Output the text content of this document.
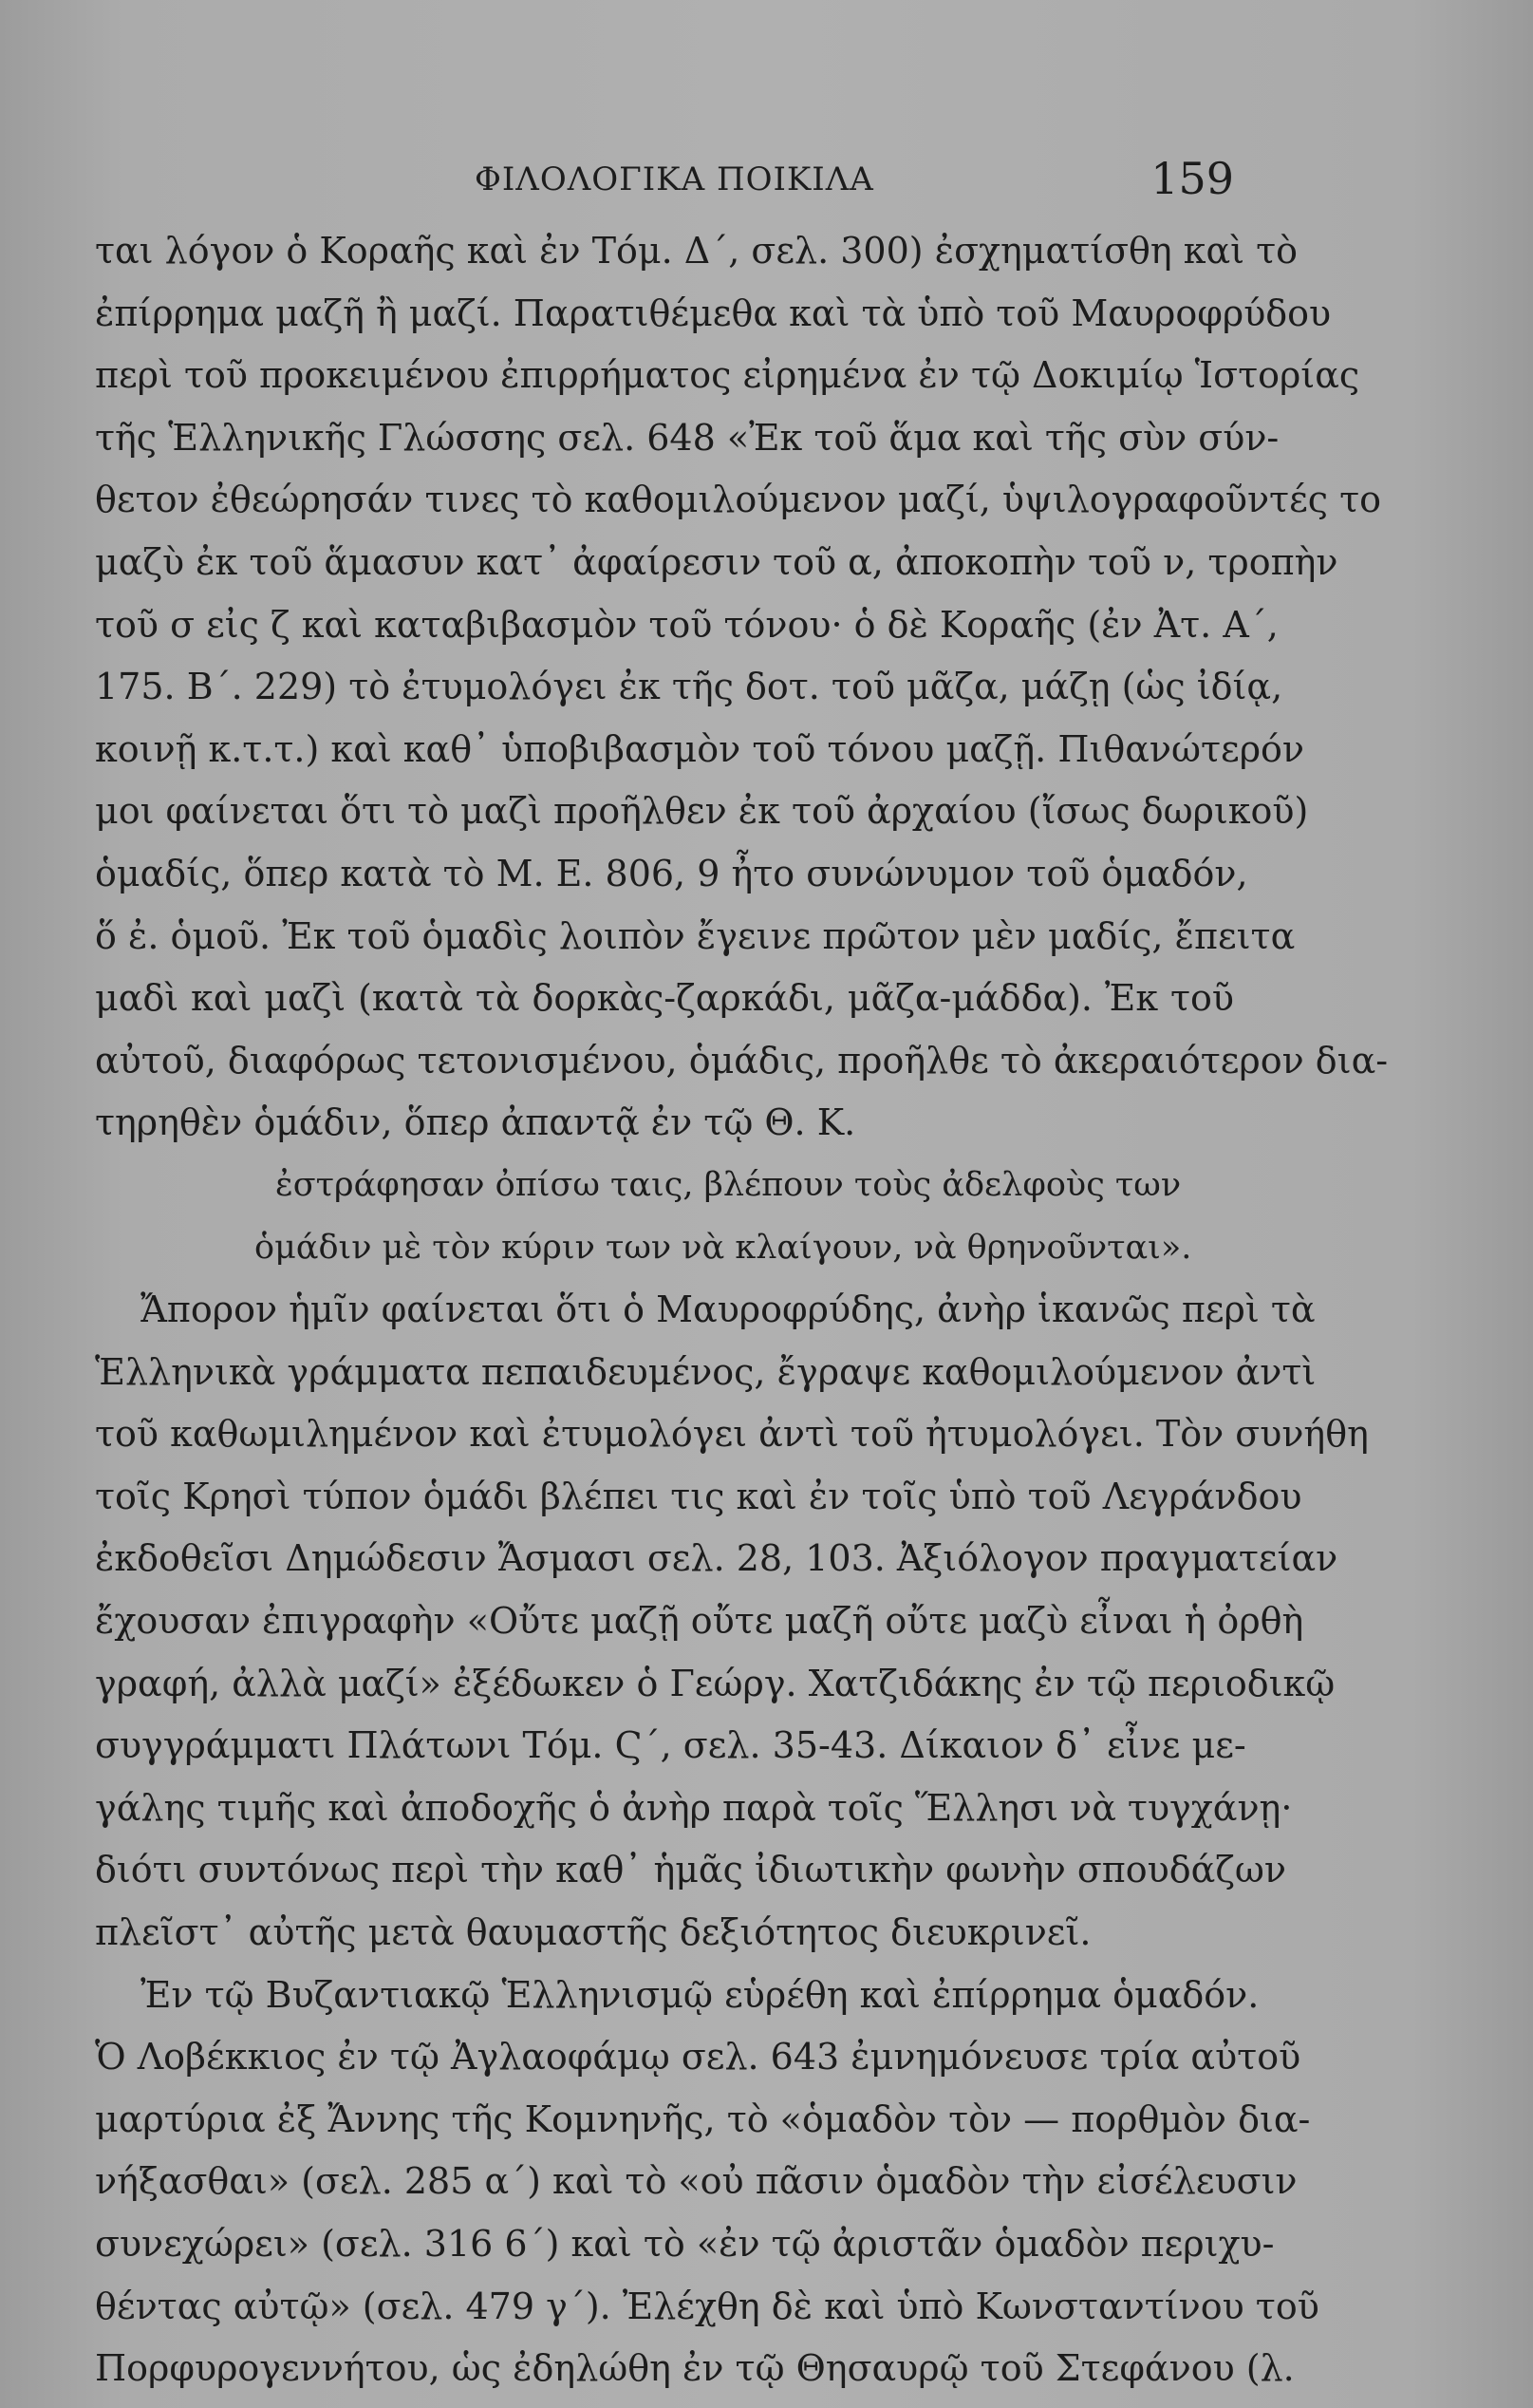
ΦΙΛΟΛΟΓΙΚΑ ΠΟΙΚΙΛΑ	159
ται λόγον ὁ Κοραῆς καὶ ἐν Τόμ. Δ΄, σελ. 300) ἐσχηματίσθη καὶ τὸ
ἐπίρρημα μαζῆ ἢ μαζί. Παρατιθέμεθα καὶ τὰ ὑπὸ τοῦ Μαυροφρύδου
περὶ τοῦ προκειμένου ἐπιρρήματος εἰρημένα ἐν τῷ Δοκιμίῳ Ἱστορίας
τῆς Ἑλληνικῆς Γλώσσης σελ. 648 «Ἐκ τοῦ ἅμα καὶ τῆς σὺν σύν-
θετον ἐθεώρησάν τινες τὸ καθομιλούμενον μαζί, ὑψιλογραφοῦντές το
μαζὺ ἐκ τοῦ ἅμασυν κατ᾽ ἀφαίρεσιν τοῦ α, ἀποκοπὴν τοῦ ν, τροπὴν
τοῦ σ εἰς ζ καὶ καταβιβασμὸν τοῦ τόνου· ὁ δὲ Κοραῆς (ἐν Ἀτ. Α΄,
175. Β΄. 229) τὸ ἐτυμολόγει ἐκ τῆς δοτ. τοῦ μᾶζα, μάζῃ (ὡς ἰδίᾳ,
κοινῇ κ.τ.τ.) καὶ καθ᾽ ὑποβιβασμὸν τοῦ τόνου μαζῇ. Πιθανώτερόν
μοι φαίνεται ὅτι τὸ μαζὶ προῆλθεν ἐκ τοῦ ἀρχαίου (ἴσως δωρικοῦ)
ὁμαδίς, ὅπερ κατὰ τὸ Μ. Ε. 806, 9 ἦτο συνώνυμον τοῦ ὁμαδόν,
ὅ ἐ. ὁμοῦ. Ἐκ τοῦ ὁμαδὶς λοιπὸν ἔγεινε πρῶτον μὲν μαδίς, ἔπειτα
μαδὶ καὶ μαζὶ (κατὰ τὰ δορκὰς-ζαρκάδι, μᾶζα-μάδδα). Ἐκ τοῦ
αὐτοῦ, διαφόρως τετονισμένου, ὁμάδις, προῆλθε τὸ ἀκεραιότερον δια-
τηρηθὲν ὁμάδιν, ὅπερ ἀπαντᾷ ἐν τῷ Θ. Κ.
ἐστράφησαν ὀπίσω ταις, βλέπουν τοὺς ἀδελφοὺς των
ὁμάδιν μὲ τὸν κύριν των νὰ κλαίγουν, νὰ θρηνοῦνται».
Ἄπορον ἡμῖν φαίνεται ὅτι ὁ Μαυροφρύδης, ἀνὴρ ἱκανῶς περὶ τὰ
Ἑλληνικὰ γράμματα πεπαιδευμένος, ἔγραψε καθομιλούμενον ἀντὶ
τοῦ καθωμιλημένον καὶ ἐτυμολόγει ἀντὶ τοῦ ἠτυμολόγει. Τὸν συνήθη
τοῖς Κρησὶ τύπον ὁμάδι βλέπει τις καὶ ἐν τοῖς ὑπὸ τοῦ Λεγράνδου
ἐκδοθεῖσι Δημώδεσιν Ἄσμασι σελ. 28, 103. Ἀξιόλογον πραγματείαν
ἔχουσαν ἐπιγραφὴν «Οὔτε μαζῇ οὔτε μαζῆ οὔτε μαζὺ εἶναι ἡ ὀρθὴ
γραφή, ἀλλὰ μαζί» ἐξέδωκεν ὁ Γεώργ. Χατζιδάκης ἐν τῷ περιοδικῷ
συγγράμματι Πλάτωνι Τόμ. Ϛ΄, σελ. 35-43. Δίκαιον δ᾽ εἶνε με-
γάλης τιμῆς καὶ ἀποδοχῆς ὁ ἀνὴρ παρὰ τοῖς Ἕλλησι νὰ τυγχάνῃ·
διότι συντόνως περὶ τὴν καθ᾽ ἡμᾶς ἰδιωτικὴν φωνὴν σπουδάζων
πλεῖστ᾽ αὐτῆς μετὰ θαυμαστῆς δεξιότητος διευκρινεῖ.
Ἐν τῷ Βυζαντιακῷ Ἑλληνισμῷ εὑρέθη καὶ ἐπίρρημα ὁμαδόν.
Ὁ Λοβέκκιος ἐν τῷ Ἀγλαοφάμῳ σελ. 643 ἐμνημόνευσε τρία αὐτοῦ
μαρτύρια ἐξ Ἄννης τῆς Κομνηνῆς, τὸ «ὁμαδὸν τὸν — πορθμὸν δια-
νήξασθαι» (σελ. 285 α΄) καὶ τὸ «οὐ πᾶσιν ὁμαδὸν τὴν εἰσέλευσιν
συνεχώρει» (σελ. 316 6΄) καὶ τὸ «ἐν τῷ ἀριστᾶν ὁμαδὸν περιχυ-
θέντας αὐτῷ» (σελ. 479 γ΄). Ἐλέχθη δὲ καὶ ὑπὸ Κωνσταντίνου τοῦ
Πορφυρογεννήτου, ὡς ἐδηλώθη ἐν τῷ Θησαυρῷ τοῦ Στεφάνου (λ.
